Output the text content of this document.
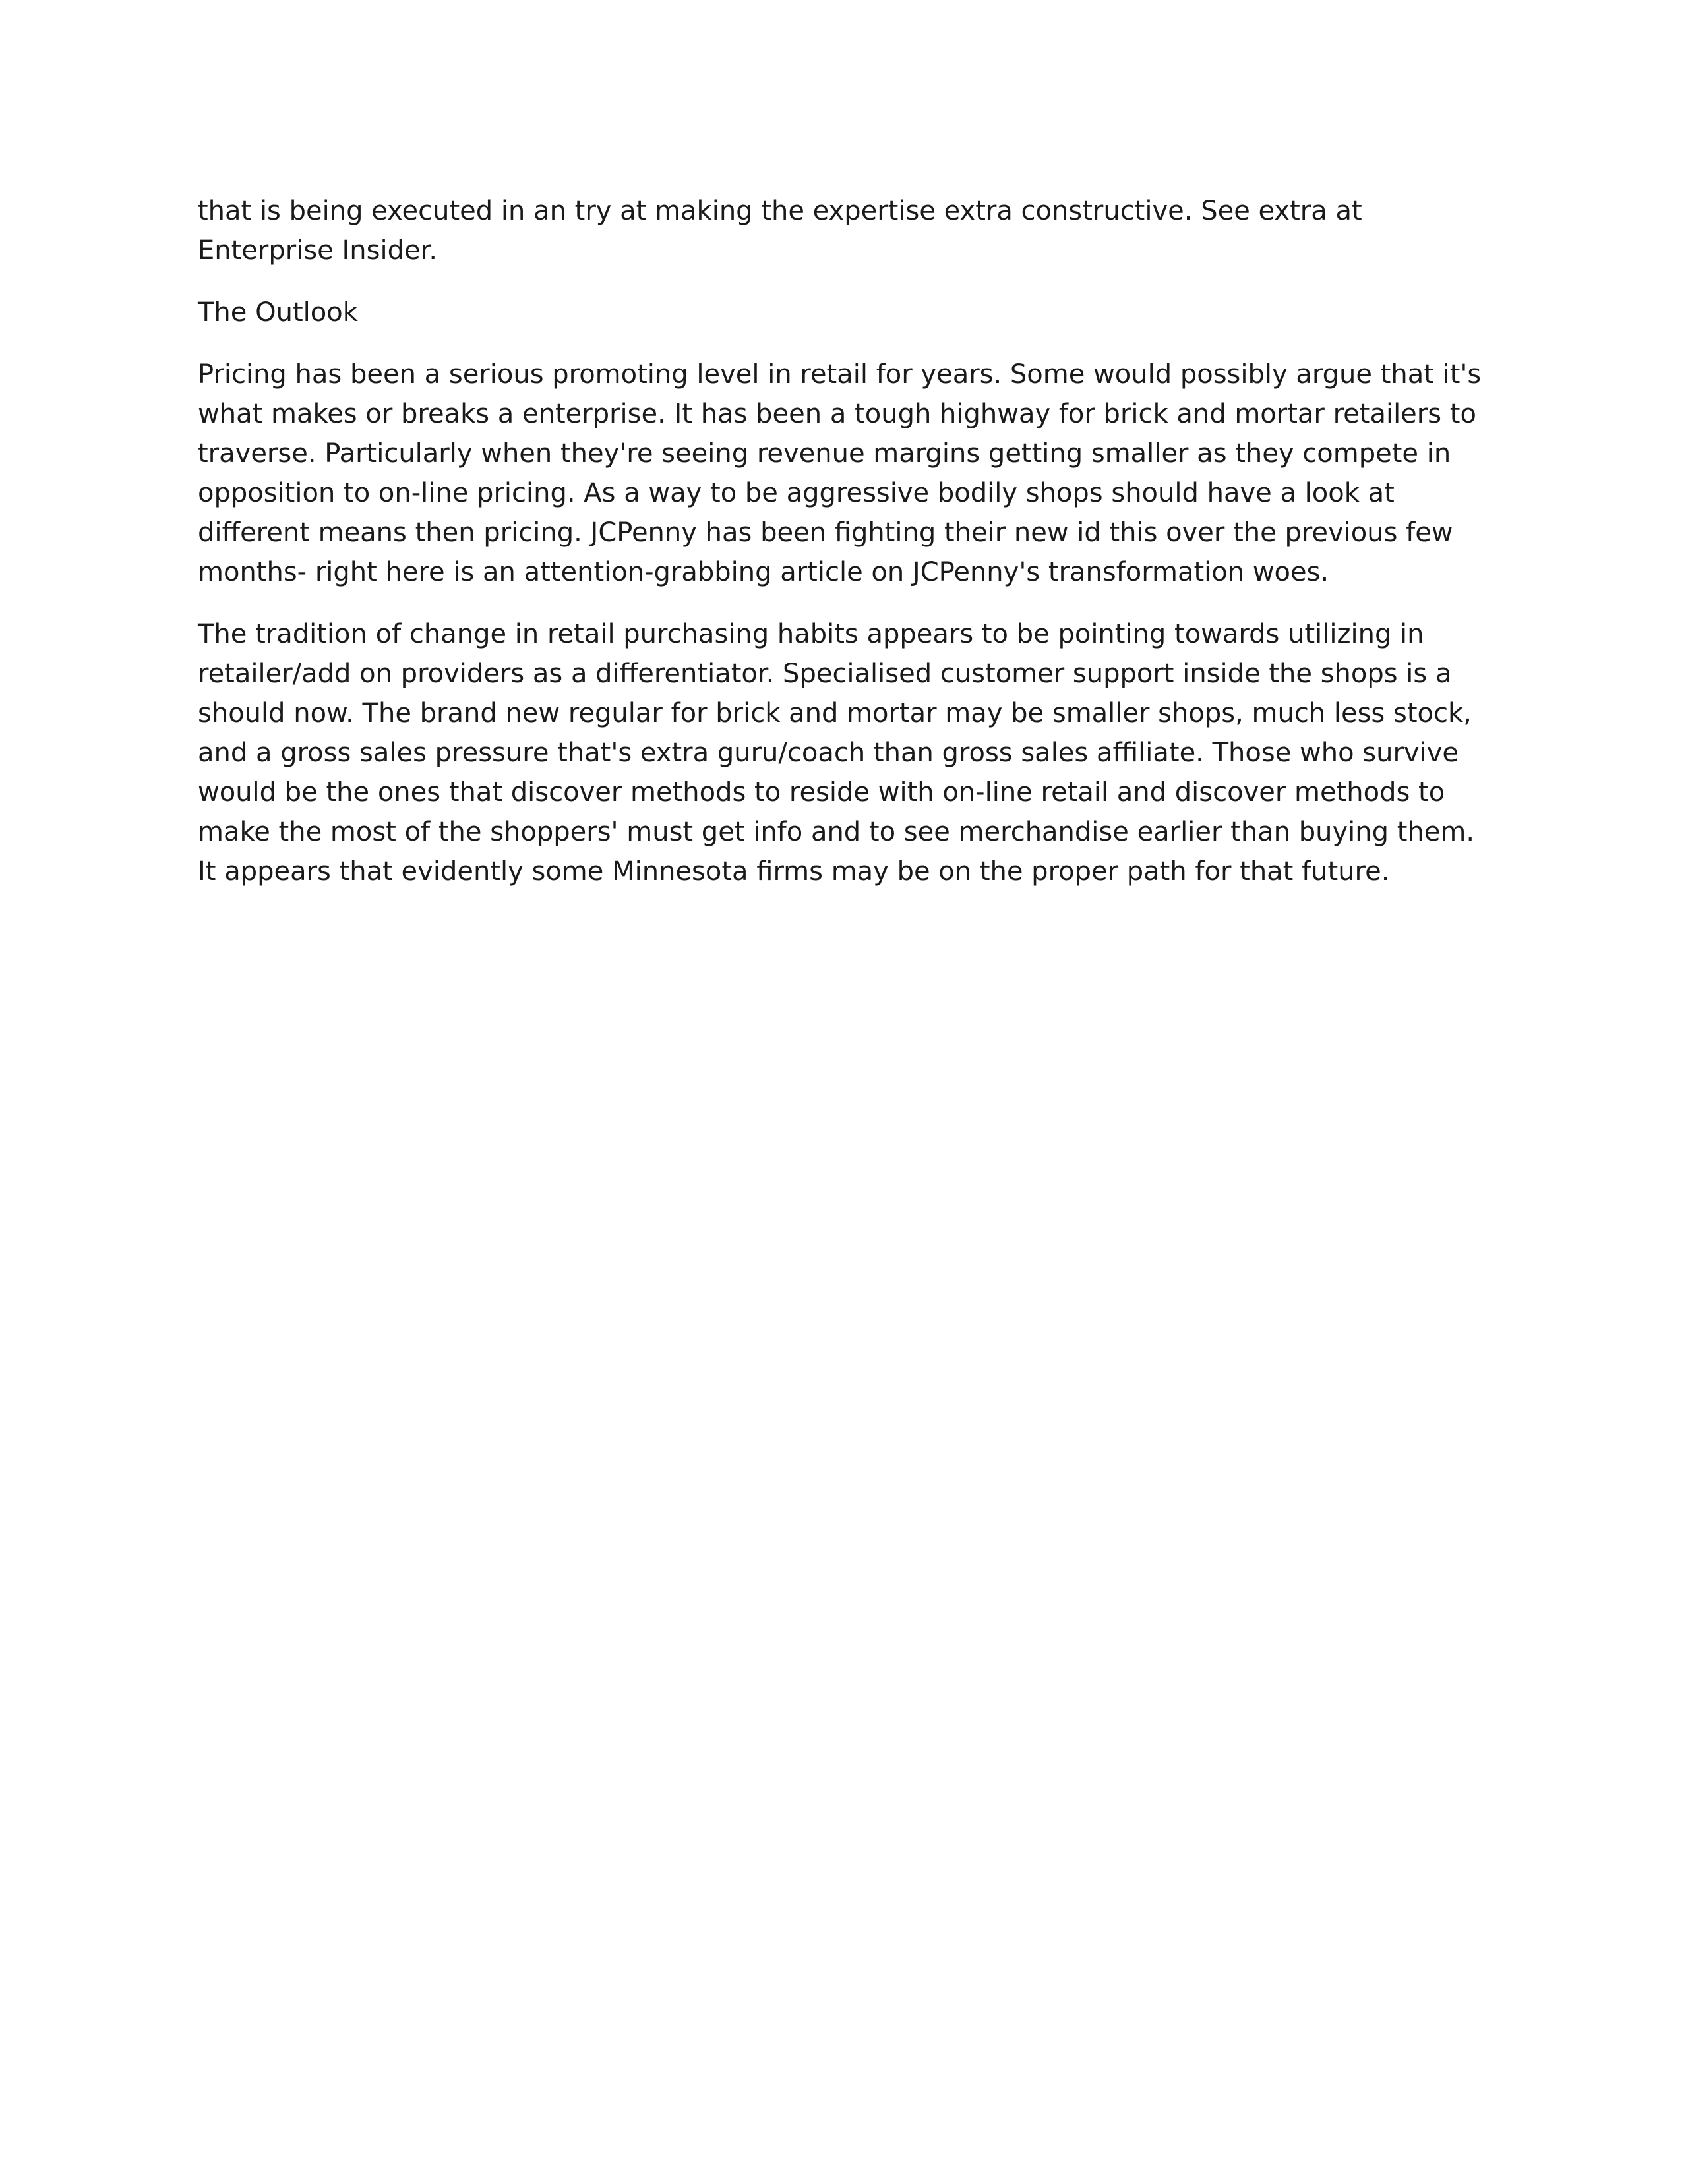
that is being executed in an try at making the expertise extra constructive. See extra at Enterprise Insider.

The Outlook

Pricing has been a serious promoting level in retail for years. Some would possibly argue that it's what makes or breaks a enterprise. It has been a tough highway for brick and mortar retailers to traverse. Particularly when they're seeing revenue margins getting smaller as they compete in opposition to on-line pricing. As a way to be aggressive bodily shops should have a look at different means then pricing. JCPenny has been fighting their new id this over the previous few months- right here is an attention-grabbing article on JCPenny's transformation woes.

The tradition of change in retail purchasing habits appears to be pointing towards utilizing in retailer/add on providers as a differentiator. Specialised customer support inside the shops is a should now. The brand new regular for brick and mortar may be smaller shops, much less stock, and a gross sales pressure that's extra guru/coach than gross sales affiliate. Those who survive would be the ones that discover methods to reside with on-line retail and discover methods to make the most of the shoppers' must get info and to see merchandise earlier than buying them. It appears that evidently some Minnesota firms may be on the proper path for that future.
